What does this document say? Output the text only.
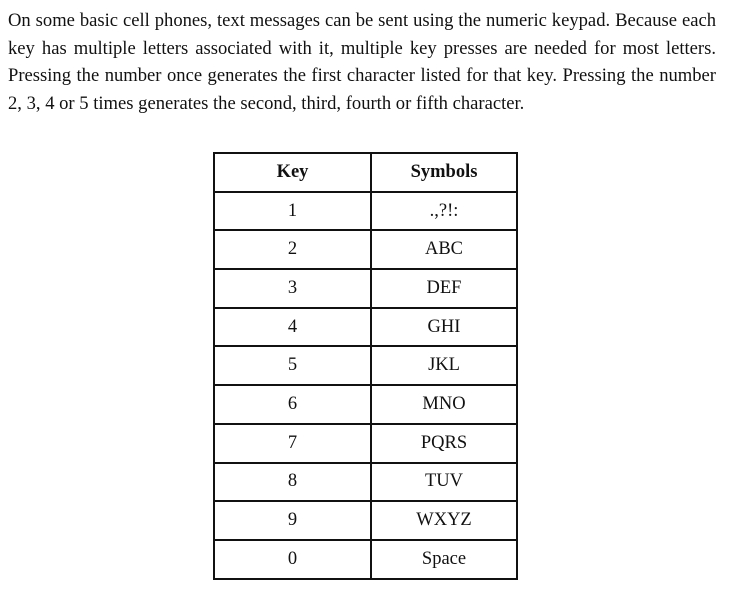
On some basic cell phones, text messages can be sent using the numeric keypad. Because each key has multiple letters associated with it, multiple key presses are needed for most letters. Pressing the number once generates the first character listed for that key. Pressing the number 2, 3, 4 or 5 times generates the second, third, fourth or fifth character.

Key	Symbols
1	.,?!:
2	ABC
3	DEF
4	GHI
5	JKL
6	MNO
7	PQRS
8	TUV
9	WXYZ
0	Space
